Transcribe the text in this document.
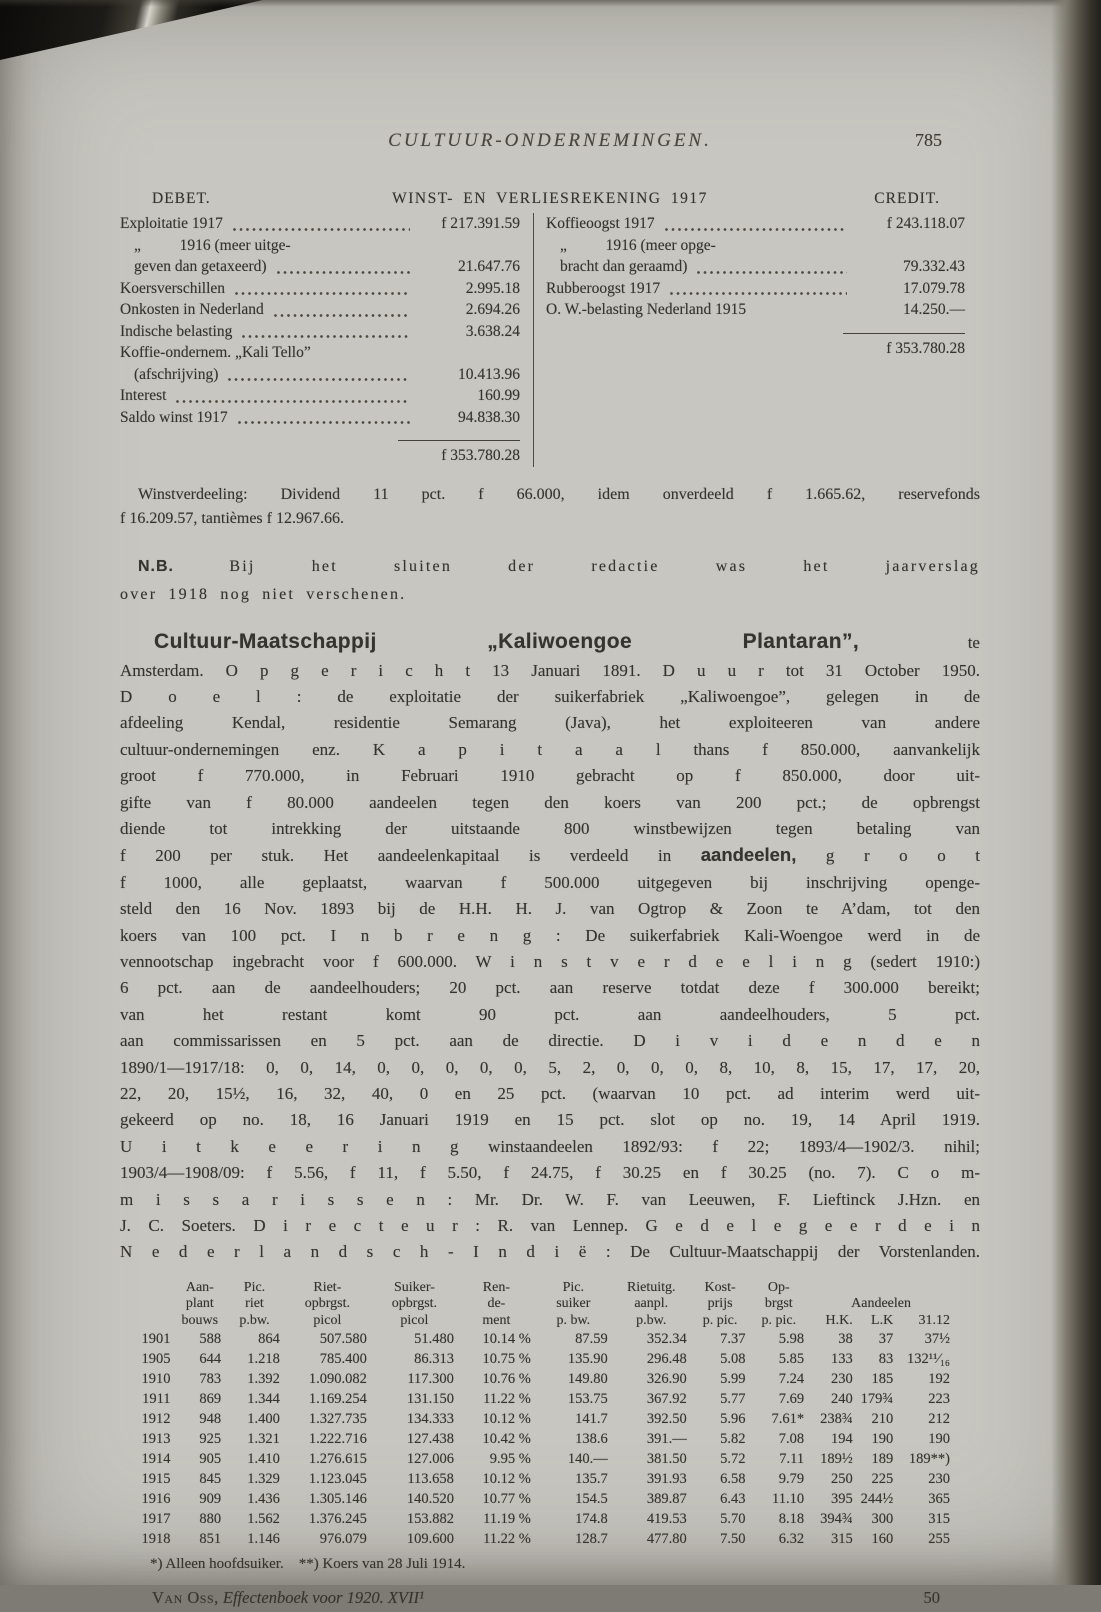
CULTUUR-ONDERNEMINGEN.	785
DEBET.	WINST- EN VERLIESREKENING 1917	CREDIT.
Exploitatie 1917	f 217.391.59
„     1916 (meer uitge-
geven dan getaxeerd)	21.647.76
Koersverschillen	2.995.18
Onkosten in Nederland	2.694.26
Indische belasting	3.638.24
Koffie-ondernem. „Kali Tello”
(afschrijving)	10.413.96
Interest	160.99
Saldo winst 1917	94.838.30
f 353.780.28
Koffieoogst 1917	f 243.118.07
„     1916 (meer opge-
bracht dan geraamd)	79.332.43
Rubberoogst 1917	17.079.78
O. W.-belasting Nederland 1915	14.250.—
f 353.780.28
Winstverdeeling: Dividend 11 pct. f 66.000, idem onverdeeld f 1.665.62, reservefonds
f 16.209.57, tantièmes f 12.967.66.
N.B. Bij het sluiten der redactie was het jaarverslag
over 1918 nog niet verschenen.
Cultuur-Maatschappij „Kaliwoengoe Plantaran”, te
Amsterdam. O p g e r i c h t 13 Januari 1891. D u u r tot 31 October 1950.
D o e l : de exploitatie der suikerfabriek „Kaliwoengoe”, gelegen in de
afdeeling Kendal, residentie Semarang (Java), het exploiteeren van andere
cultuur-ondernemingen enz. K a p i t a a l thans f 850.000, aanvankelijk
groot f 770.000, in Februari 1910 gebracht op f 850.000, door uit-
gifte van f 80.000 aandeelen tegen den koers van 200 pct.; de opbrengst
diende tot intrekking der uitstaande 800 winstbewijzen tegen betaling van
f 200 per stuk. Het aandeelenkapitaal is verdeeld in aandeelen, g r o o t
f 1000, alle geplaatst, waarvan f 500.000 uitgegeven bij inschrijving openge-
steld den 16 Nov. 1893 bij de H.H. H. J. van Ogtrop & Zoon te A’dam, tot den
koers van 100 pct. I n b r e n g : De suikerfabriek Kali-Woengoe werd in de
vennootschap ingebracht voor f 600.000. W i n s t v e r d e e l i n g (sedert 1910:)
6 pct. aan de aandeelhouders; 20 pct. aan reserve totdat deze f 300.000 bereikt;
van het restant komt 90 pct. aan aandeelhouders, 5 pct.
aan commissarissen en 5 pct. aan de directie. D i v i d e n d e n
1890/1—1917/18: 0, 0, 14, 0, 0, 0, 0, 0, 5, 2, 0, 0, 0, 8, 10, 8, 15, 17, 17, 20,
22, 20, 15½, 16, 32, 40, 0 en 25 pct. (waarvan 10 pct. ad interim werd uit-
gekeerd op no. 18, 16 Januari 1919 en 15 pct. slot op no. 19, 14 April 1919.
U i t k e e r i n g winstaandeelen 1892/93: f 22; 1893/4—1902/3. nihil;
1903/4—1908/09: f 5.56, f 11, f 5.50, f 24.75, f 30.25 en f 30.25 (no. 7). C o m-
m i s s a r i s s e n : Mr. Dr. W. F. van Leeuwen, F. Lieftinck J.Hzn. en
J. C. Soeters. D i r e c t e u r : R. van Lennep. G e d e l e g e e r d e i n
N e d e r l a n d s c h - I n d i ë : De Cultuur-Maatschappij der Vorstenlanden.
	Aan-	Pic.	Riet-	Suiker-	Ren-	Pic.	Rietuitg.	Kost-	Op-			
	plant	riet	opbrgst.	opbrgst.	de-	suiker	aanpl.	prijs	brgst	Aandeelen		
	bouws	p.bw.	picol	picol	ment	p. bw.	p.bw.	p. pic.	p. pic.	H.K.	L.K	31.12
1901	588	864	507.580	51.480	10.14 %	87.59	352.34	7.37	5.98	38	37	37½
1905	644	1.218	785.400	86.313	10.75 %	135.90	296.48	5.08	5.85	133	83	132¹¹⁄₁₆
1910	783	1.392	1.090.082	117.300	10.76 %	149.80	326.90	5.99	7.24	230	185	192
1911	869	1.344	1.169.254	131.150	11.22 %	153.75	367.92	5.77	7.69	240	179¾	223
1912	948	1.400	1.327.735	134.333	10.12 %	141.7	392.50	5.96	7.61*	238¾	210	212
1913	925	1.321	1.222.716	127.438	10.42 %	138.6	391.—	5.82	7.08	194	190	190
1914	905	1.410	1.276.615	127.006	9.95 %	140.—	381.50	5.72	7.11	189½	189	189**)
1915	845	1.329	1.123.045	113.658	10.12 %	135.7	391.93	6.58	9.79	250	225	230
1916	909	1.436	1.305.146	140.520	10.77 %	154.5	389.87	6.43	11.10	395	244½	365
1917	880	1.562	1.376.245	153.882	11.19 %	174.8	419.53	5.70	8.18	394¾	300	315
1918	851	1.146	976.079	109.600	11.22 %	128.7	477.80	7.50	6.32	315	160	255
*) Alleen hoofdsuiker. **) Koers van 28 Juli 1914.
Van Oss, Effectenboek voor 1920. XVII¹	50
